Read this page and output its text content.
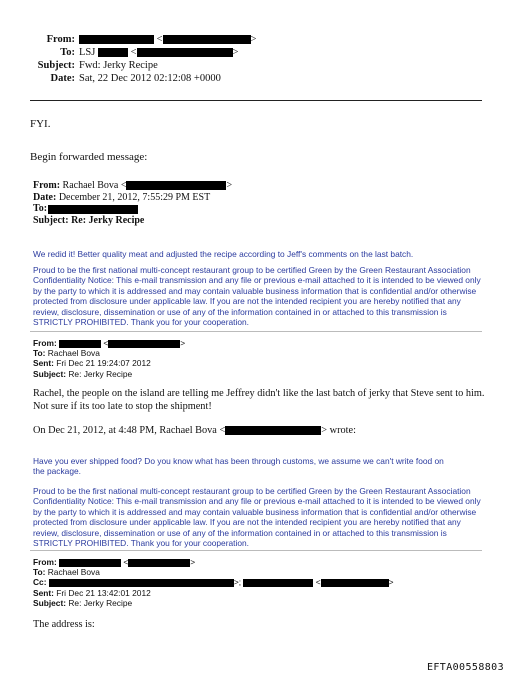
From:	<	>
To: LSJ	<	>
Subject: Fwd: Jerky Recipe
Date: Sat, 22 Dec 2012 02:12:08 +0000
FYI.
Begin forwarded message:
From: Rachael Bova <	>
Date: December 21, 2012, 7:55:29 PM EST
To:
Subject: Re: Jerky Recipe
We redid it! Better quality meat and adjusted the recipe according to Jeff's comments on the last batch.
Proud to be the first national multi-concept restaurant group to be certified Green by the Green Restaurant Association Confidentiality Notice: This e-mail transmission and any file or previous e-mail attached to it is intended to be viewed only by the party to which it is addressed and may contain valuable business information that is confidential and/or otherwise protected from disclosure under applicable law. If you are not the intended recipient you are hereby notified that any review, disclosure, dissemination or use of any of the information contained in or attached to this transmission is STRICTLY PROHIBITED. Thank you for your cooperation.
From:	<	>
To: Rachael Bova
Sent: Fri Dec 21 19:24:07 2012
Subject: Re: Jerky Recipe
Rachel, the people on the island are telling me Jeffrey didn't like the last batch of jerky that Steve sent to him. Not sure if its too late to stop the shipment!
On Dec 21, 2012, at 4:48 PM, Rachael Bova <	> wrote:
Have you ever shipped food? Do you know what has been through customs, we assume we can't write food on the package.
Proud to be the first national multi-concept restaurant group to be certified Green by the Green Restaurant Association Confidentiality Notice: This e-mail transmission and any file or previous e-mail attached to it is intended to be viewed only by the party to which it is addressed and may contain valuable business information that is confidential and/or otherwise protected from disclosure under applicable law. If you are not the intended recipient you are hereby notified that any review, disclosure, dissemination or use of any of the information contained in or attached to this transmission is STRICTLY PROHIBITED. Thank you for your cooperation.
From:	<	>
To: Rachael Bova
Cc:	>;	<	>
Sent: Fri Dec 21 13:42:01 2012
Subject: Re: Jerky Recipe
The address is:
EFTA00558803
